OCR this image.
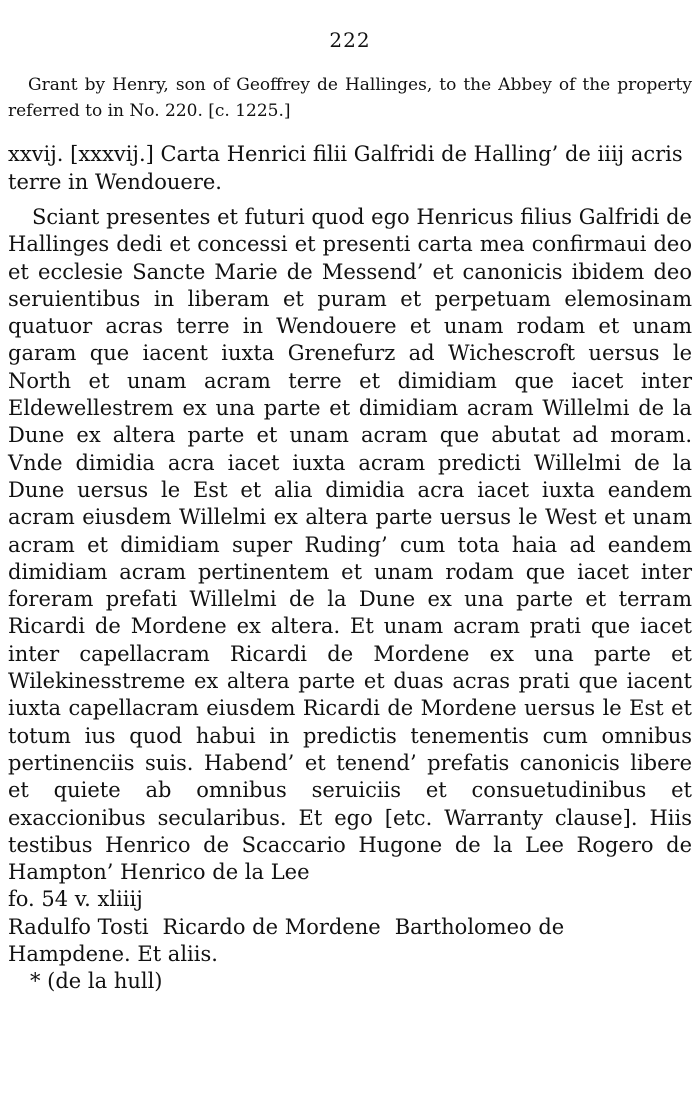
222

Grant by Henry, son of Geoffrey de Hallinges, to the Abbey of the property referred to in No. 220. [c. 1225.]

xxvij. [xxxvij.] Carta Henrici filii Galfridi de Halling’ de iiij acris terre in Wendouere.

Sciant presentes et futuri quod ego Henricus filius Galfridi de Hallinges dedi et concessi et presenti carta mea confirmaui deo et ecclesie Sancte Marie de Messend’ et canonicis ibidem deo seruientibus in liberam et puram et perpetuam elemosinam quatuor acras terre in Wendouere et unam rodam et unam garam que iacent iuxta Grenefurz ad Wichescroft uersus le North et unam acram terre et dimidiam que iacet inter Eldewellestrem ex una parte et dimidiam acram Willelmi de la Dune ex altera parte et unam acram que abutat ad moram. Vnde dimidia acra iacet iuxta acram predicti Willelmi de la Dune uersus le Est et alia dimidia acra iacet iuxta eandem acram eiusdem Willelmi ex altera parte uersus le West et unam acram et dimidiam super Ruding’ cum tota haia ad eandem dimidiam acram pertinentem et unam rodam que iacet inter foreram prefati Willelmi de la Dune ex una parte et terram Ricardi de Mordene ex altera. Et unam acram prati que iacet inter capellacram Ricardi de Mordene ex una parte et Wilekinesstreme ex altera parte et duas acras prati que iacent iuxta capellacram eiusdem Ricardi de Mordene uersus le Est et totum ius quod habui in predictis tenementis cum omnibus pertinenciis suis. Habend’ et tenend’ prefatis canonicis libere et quiete ab omnibus seruiciis et consuetudinibus et exaccionibus secularibus. Et ego [etc. Warranty clause]. Hiis testibus Henrico de Scaccario Hugone de la Lee Rogero de Hampton’ Henrico de la Lee

fo. 54 v. xliiij

Radulfo Tosti Ricardo de Mordene Bartholomeo de Hampdene. Et aliis.

* (de la hull)
